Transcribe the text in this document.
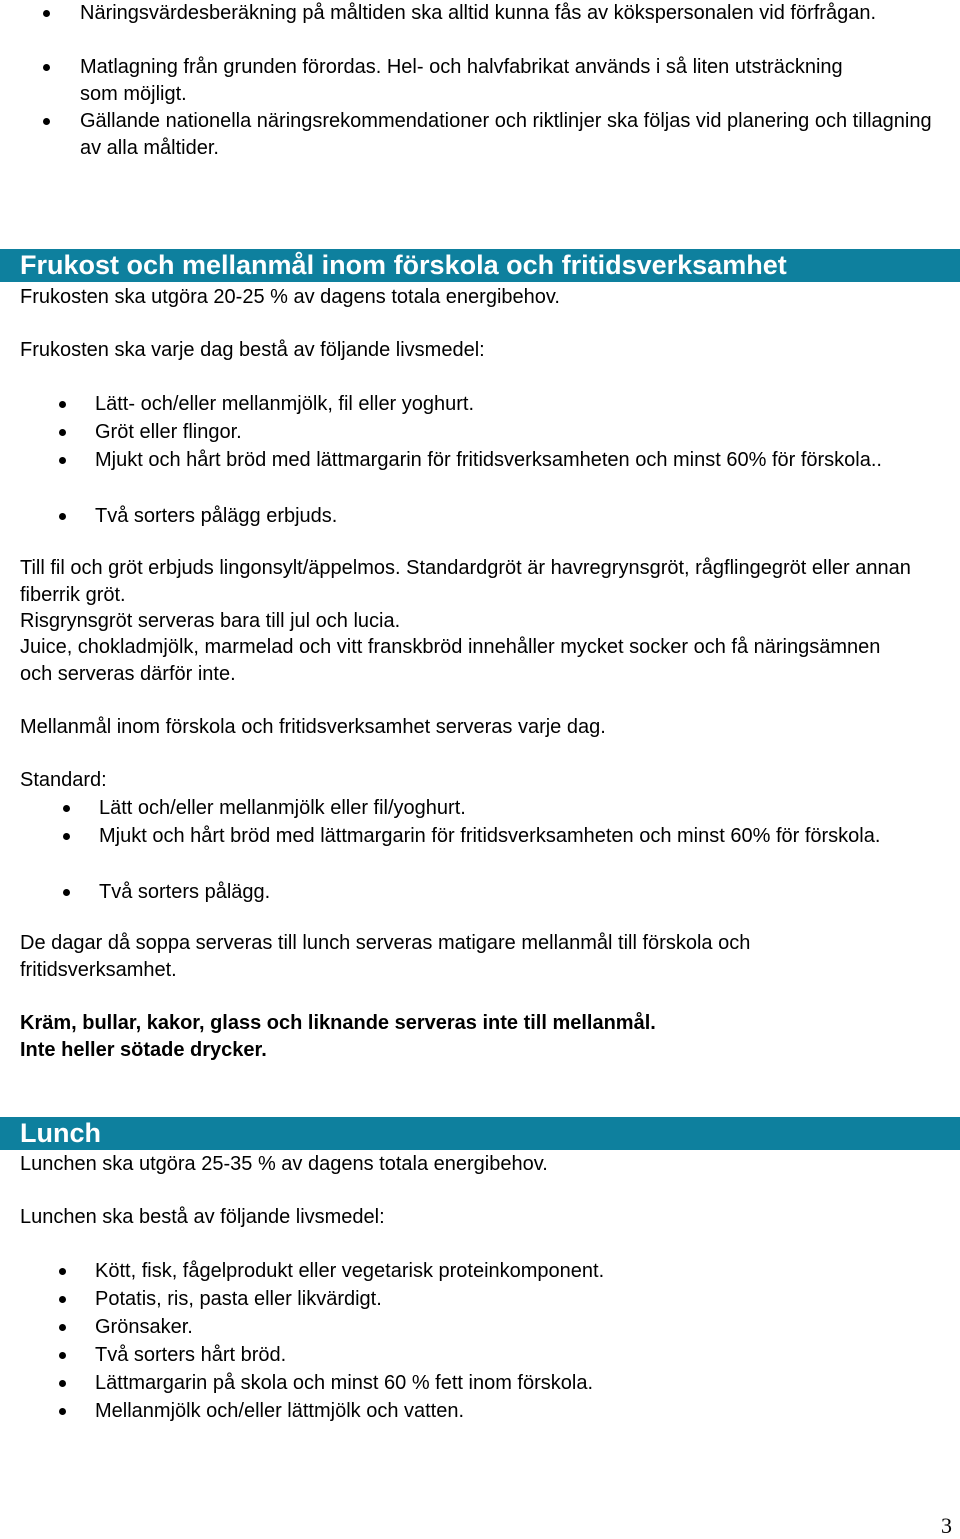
Näringsvärdesberäkning på måltiden ska alltid kunna fås av kökspersonalen vid förfrågan.
Matlagning från grunden förordas. Hel- och halvfabrikat används i så liten utsträckning som möjligt.
Gällande nationella näringsrekommendationer och riktlinjer ska följas vid planering och tillagning av alla måltider.
Frukost och mellanmål inom förskola och fritidsverksamhet
Frukosten ska utgöra 20-25 % av dagens totala energibehov.
Frukosten ska varje dag bestå av följande livsmedel:
Lätt- och/eller mellanmjölk, fil eller yoghurt.
Gröt eller flingor.
Mjukt och hårt bröd med lättmargarin för fritidsverksamheten och minst 60% för förskola..
Två sorters pålägg erbjuds.
Till fil och gröt erbjuds lingonsylt/äppelmos. Standardgröt är havregrynsgröt, rågflingegröt eller annan fiberrik gröt.
Risgrynsgröt serveras bara till jul och lucia.
Juice, chokladmjölk, marmelad och vitt franskbröd innehåller mycket socker och få näringsämnen och serveras därför inte.
Mellanmål inom förskola och fritidsverksamhet serveras varje dag.
Standard:
Lätt och/eller mellanmjölk eller fil/yoghurt.
Mjukt och hårt bröd med lättmargarin för fritidsverksamheten och minst 60% för förskola.
Två sorters pålägg.
De dagar då soppa serveras till lunch serveras matigare mellanmål till förskola och fritidsverksamhet.
Kräm, bullar, kakor, glass och liknande serveras inte till mellanmål.
Inte heller sötade drycker.
Lunch
Lunchen ska utgöra 25-35 % av dagens totala energibehov.
Lunchen ska bestå av följande livsmedel:
Kött, fisk, fågelprodukt eller vegetarisk proteinkomponent.
Potatis, ris, pasta eller likvärdigt.
Grönsaker.
Två sorters hårt bröd.
Lättmargarin på skola och minst 60 % fett inom förskola.
Mellanmjölk och/eller lättmjölk och vatten.
3
